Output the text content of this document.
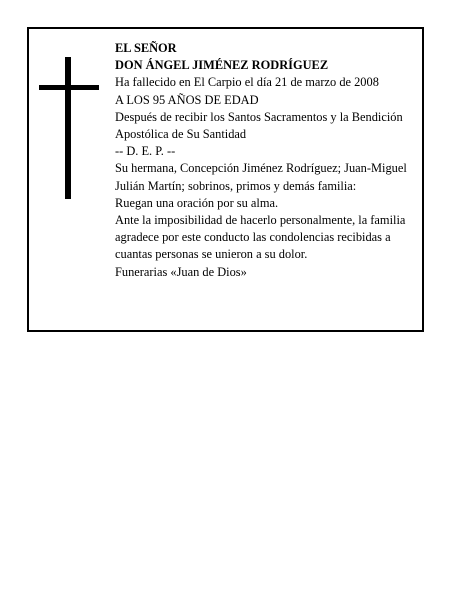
EL SEÑOR

DON ÁNGEL JIMÉNEZ RODRÍGUEZ

Ha fallecido en El Carpio el día 21 de marzo de 2008

A LOS 95 AÑOS DE EDAD

Después de recibir los Santos Sacramentos y la Bendición Apostólica de Su Santidad

-- D. E. P. --

Su hermana, Concepción Jiménez Rodríguez; Juan-Miguel Julián Martín; sobrinos, primos y demás familia:

Ruegan una oración por su alma.

Ante la imposibilidad de hacerlo personalmente, la familia agradece por este conducto las condolencias recibidas a cuantas personas se unieron a su dolor.

Funerarias «Juan de Dios»
